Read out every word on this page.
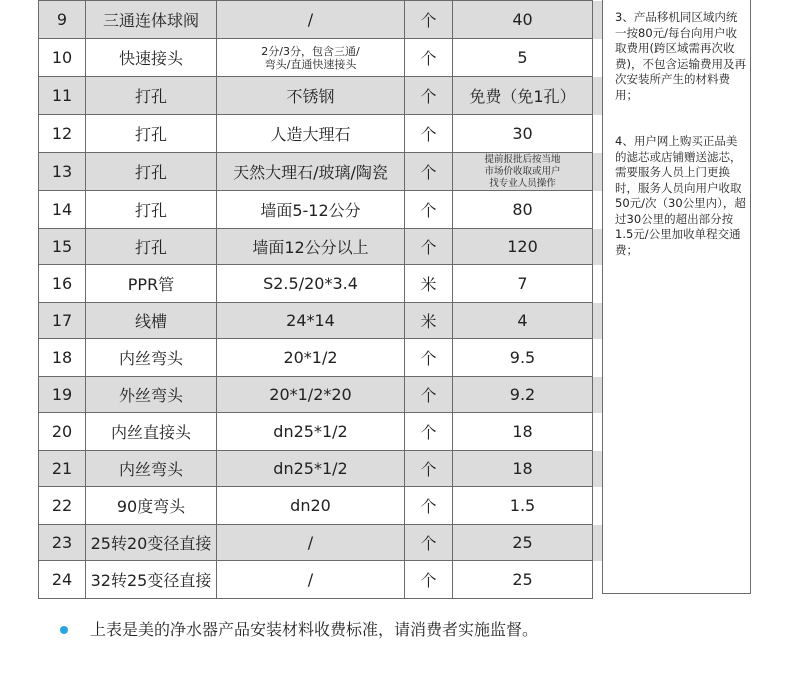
9	三通连体球阀	/	个	40	
10	快速接头	2分/3分，包含三通/
弯头/直通快速接头	个	5	
11	打孔	不锈钢	个	免费（免1孔）	
12	打孔	人造大理石	个	30	
13	打孔	天然大理石/玻璃/陶瓷	个	提前报批后按当地
市场价收取或用户
找专业人员操作	
14	打孔	墙面5-12公分	个	80	
15	打孔	墙面12公分以上	个	120	
16	PPR管	S2.5/20*3.4	米	7	
17	线槽	24*14	米	4	
18	内丝弯头	20*1/2	个	9.5	
19	外丝弯头	20*1/2*20	个	9.2	
20	内丝直接头	dn25*1/2	个	18	
21	内丝弯头	dn25*1/2	个	18	
22	90度弯头	dn20	个	1.5	
23	25转20变径直接	/	个	25	
24	32转25变径直接	/	个	25	
3、产品移机同区域内统一按80元/每台向用户收取费用(跨区域需再次收费)，不包含运输费用及再次安装所产生的材料费用；
4、用户网上购买正品美的滤芯或店铺赠送滤芯，需要服务人员上门更换时，服务人员向用户收取50元/次（30公里内），超过30公里的超出部分按1.5元/公里加收单程交通费；
上表是美的净水器产品安装材料收费标准，请消费者实施监督。
